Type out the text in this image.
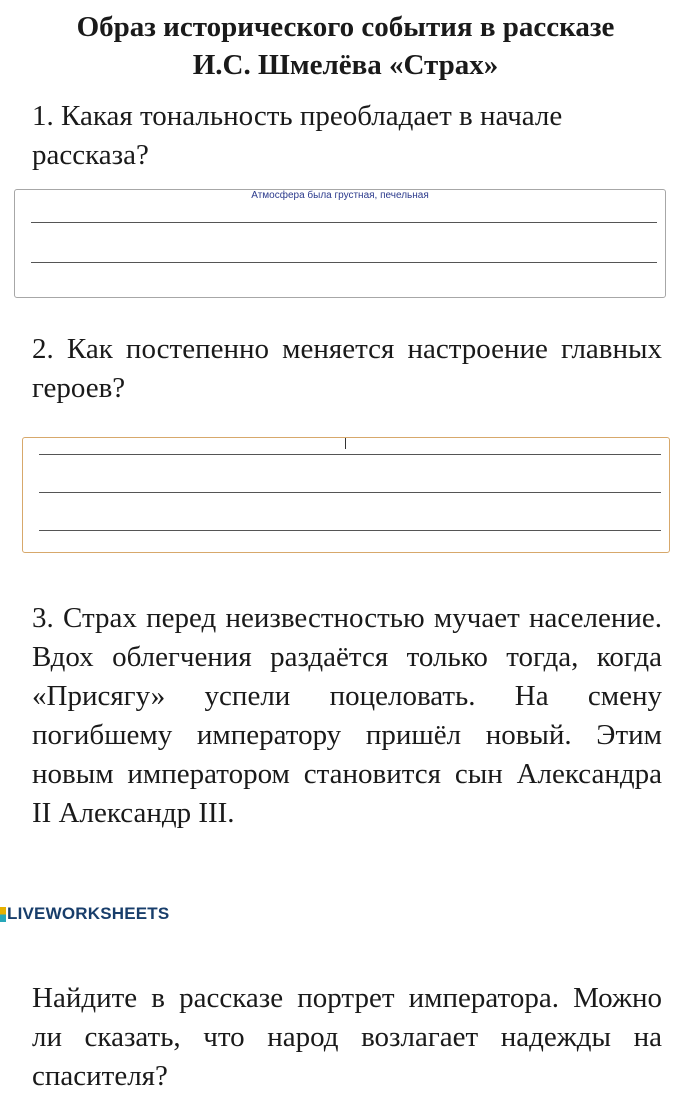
Образ исторического события в рассказе
И.С. Шмелёва «Страх»

1. Какая тональность преобладает в начале рассказа?

Атмосфера была грустная, печельная

2. Как постепенно меняется настроение главных героев?

3. Страх перед неизвестностью мучает население. Вдох облегчения раздаётся только тогда, когда «Присягу» успели поцеловать. На смену погибшему императору пришёл новый. Этим новым императором становится сын Александра II Александр III.

LIVEWORKSHEETS

Найдите в рассказе портрет императора. Можно ли сказать, что народ возлагает надежды на спасителя?
